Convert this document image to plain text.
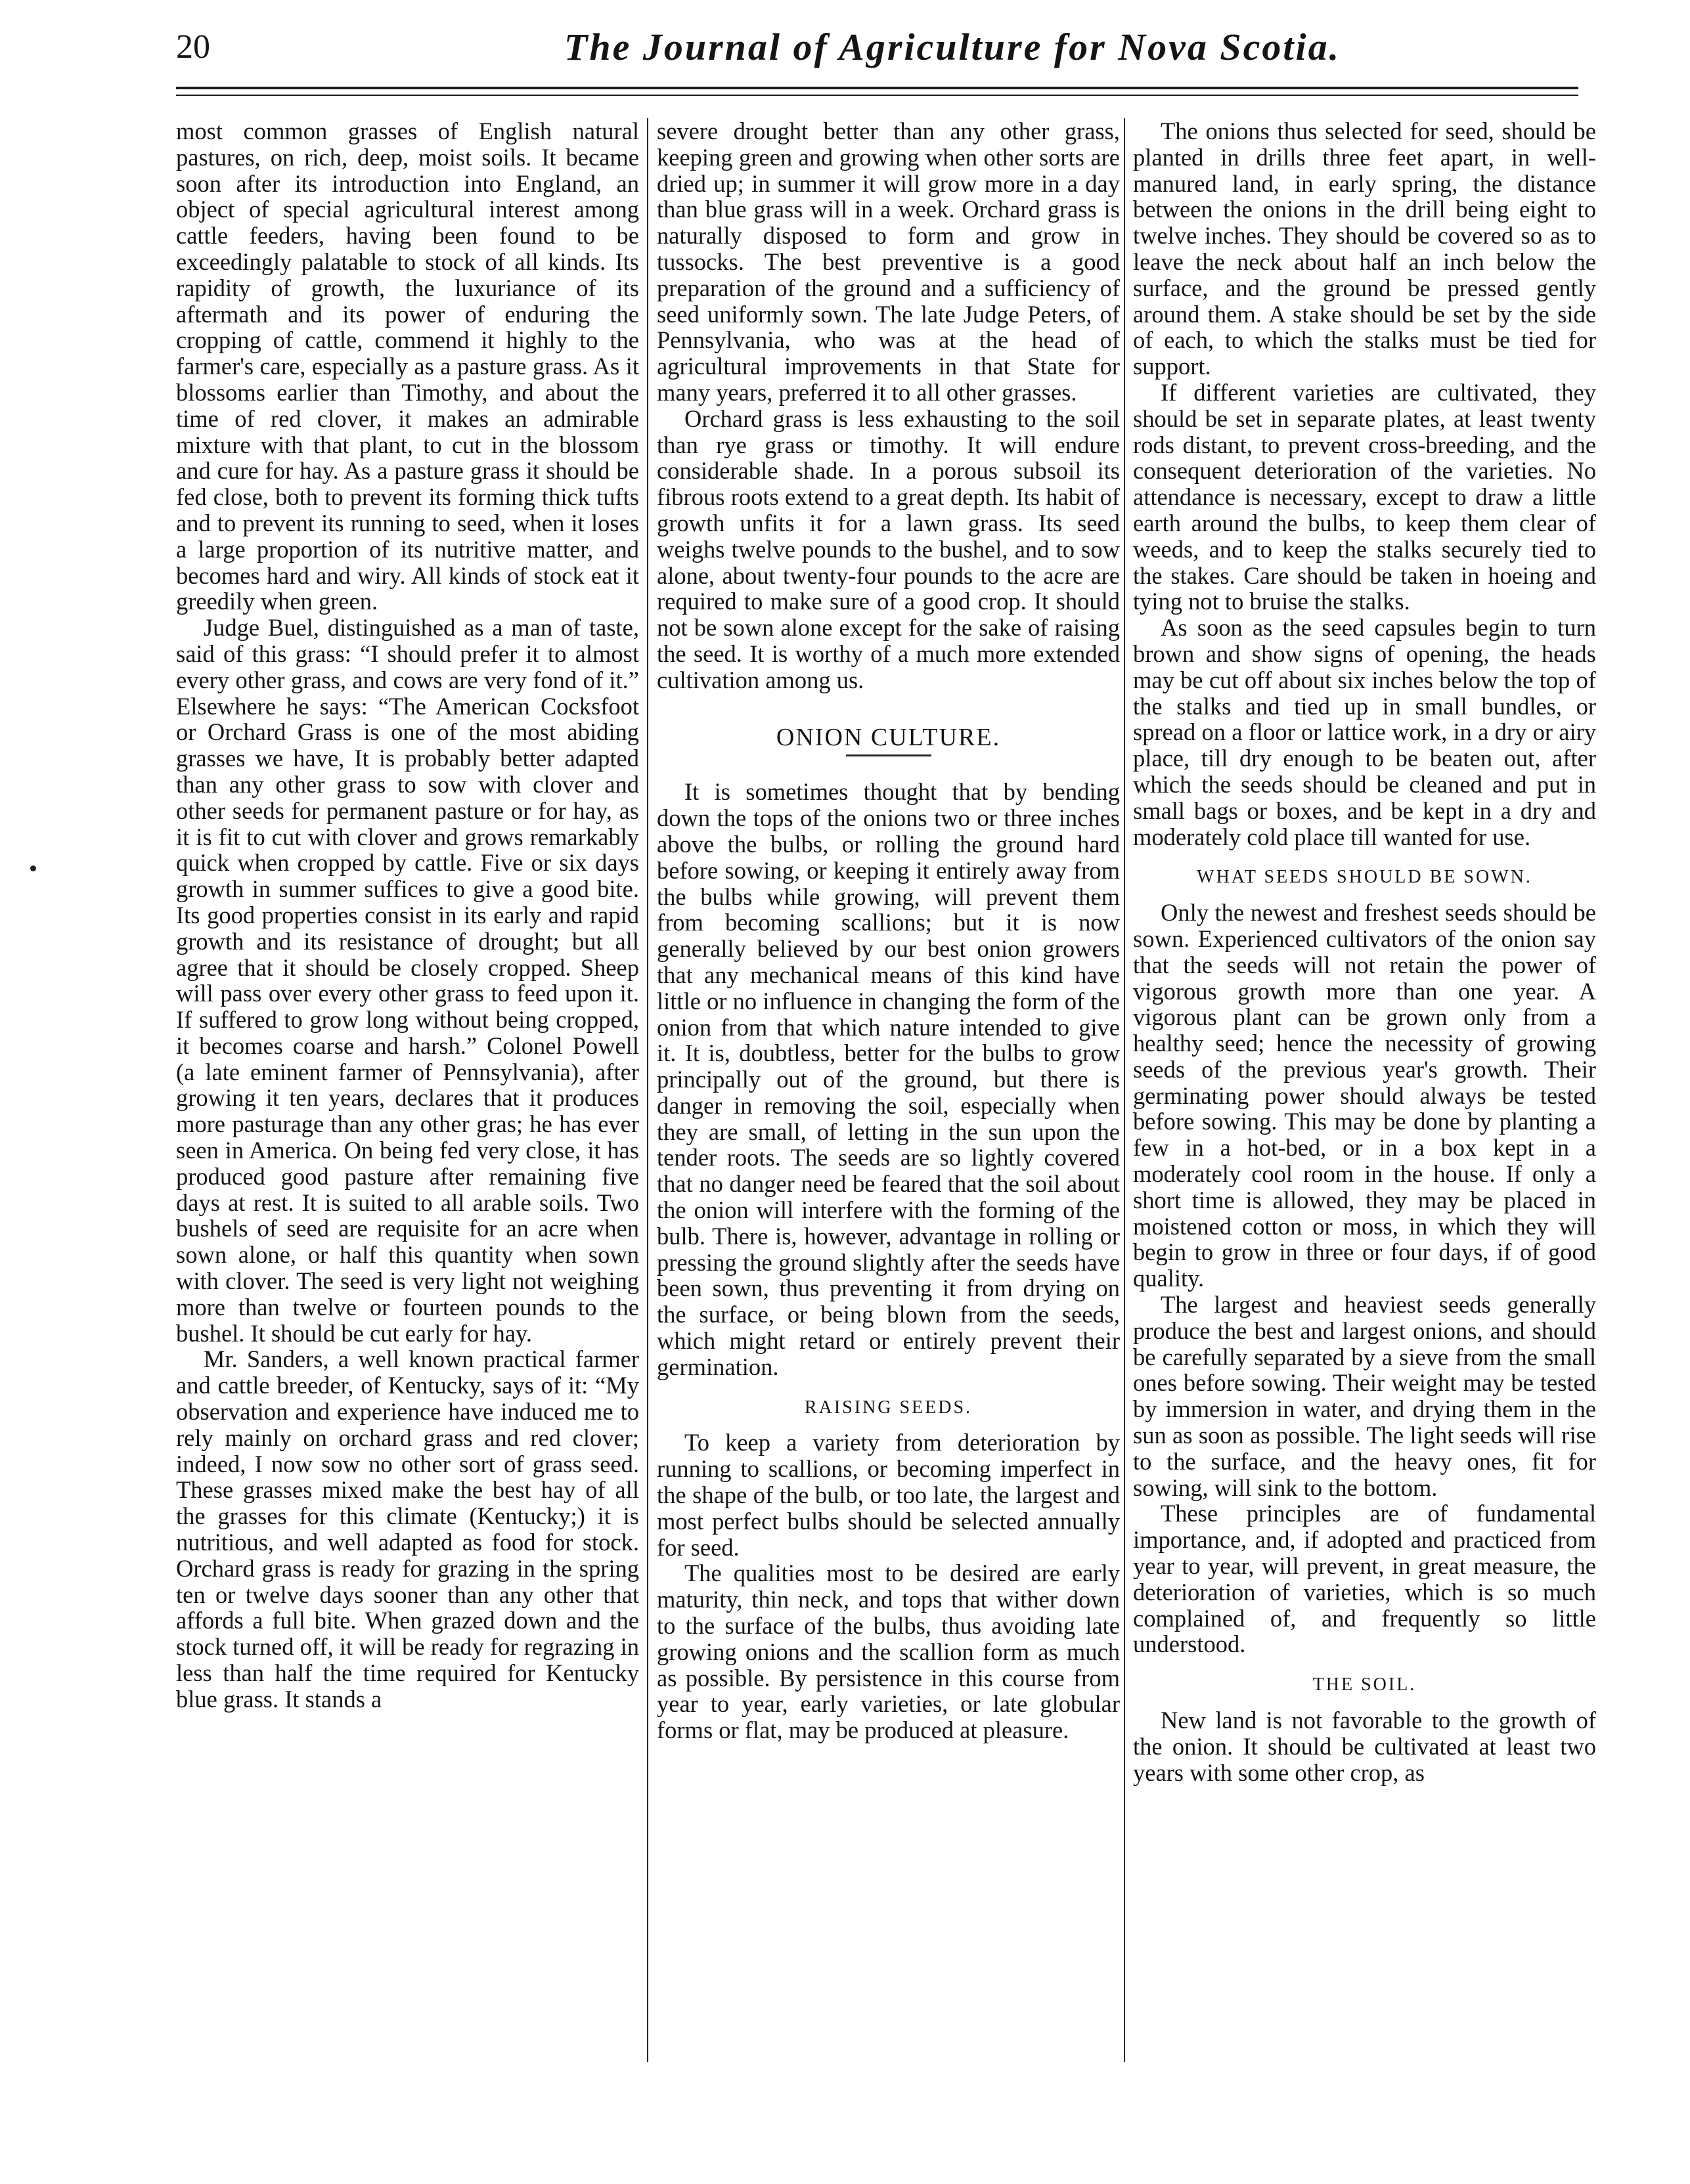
20	The Journal of Agriculture for Nova Scotia.

most common grasses of English natural pastures, on rich, deep, moist soils. It became soon after its introduction into England, an object of special agricultural interest among cattle feeders, having been found to be exceedingly palatable to stock of all kinds. Its rapidity of growth, the luxuriance of its aftermath and its power of enduring the cropping of cattle, commend it highly to the farmer's care, especially as a pasture grass. As it blossoms earlier than Timothy, and about the time of red clover, it makes an admirable mixture with that plant, to cut in the blossom and cure for hay. As a pasture grass it should be fed close, both to prevent its forming thick tufts and to prevent its running to seed, when it loses a large proportion of its nutritive matter, and becomes hard and wiry. All kinds of stock eat it greedily when green.

Judge Buel, distinguished as a man of taste, said of this grass: “I should prefer it to almost every other grass, and cows are very fond of it.” Elsewhere he says: “The American Cocksfoot or Orchard Grass is one of the most abiding grasses we have, It is probably better adapted than any other grass to sow with clover and other seeds for permanent pasture or for hay, as it is fit to cut with clover and grows remarkably quick when cropped by cattle. Five or six days growth in summer suffices to give a good bite. Its good properties consist in its early and rapid growth and its resistance of drought; but all agree that it should be closely cropped. Sheep will pass over every other grass to feed upon it. If suffered to grow long without being cropped, it becomes coarse and harsh.” Colonel Powell (a late eminent farmer of Pennsylvania), after growing it ten years, declares that it produces more pasturage than any other gras; he has ever seen in America. On being fed very close, it has produced good pasture after remaining five days at rest. It is suited to all arable soils. Two bushels of seed are requisite for an acre when sown alone, or half this quantity when sown with clover. The seed is very light not weighing more than twelve or fourteen pounds to the bushel. It should be cut early for hay.

Mr. Sanders, a well known practical farmer and cattle breeder, of Kentucky, says of it: “My observation and experience have induced me to rely mainly on orchard grass and red clover; indeed, I now sow no other sort of grass seed. These grasses mixed make the best hay of all the grasses for this climate (Kentucky;) it is nutritious, and well adapted as food for stock. Orchard grass is ready for grazing in the spring ten or twelve days sooner than any other that affords a full bite. When grazed down and the stock turned off, it will be ready for regrazing in less than half the time required for Kentucky blue grass. It stands a

severe drought better than any other grass, keeping green and growing when other sorts are dried up; in summer it will grow more in a day than blue grass will in a week. Orchard grass is naturally disposed to form and grow in tussocks. The best preventive is a good preparation of the ground and a sufficiency of seed uniformly sown. The late Judge Peters, of Pennsylvania, who was at the head of agricultural improvements in that State for many years, preferred it to all other grasses.

Orchard grass is less exhausting to the soil than rye grass or timothy. It will endure considerable shade. In a porous subsoil its fibrous roots extend to a great depth. Its habit of growth unfits it for a lawn grass. Its seed weighs twelve pounds to the bushel, and to sow alone, about twenty-four pounds to the acre are required to make sure of a good crop. It should not be sown alone except for the sake of raising the seed. It is worthy of a much more extended cultivation among us.

ONION CULTURE.

It is sometimes thought that by bending down the tops of the onions two or three inches above the bulbs, or rolling the ground hard before sowing, or keeping it entirely away from the bulbs while growing, will prevent them from becoming scallions; but it is now generally believed by our best onion growers that any mechanical means of this kind have little or no influence in changing the form of the onion from that which nature intended to give it. It is, doubtless, better for the bulbs to grow principally out of the ground, but there is danger in removing the soil, especially when they are small, of letting in the sun upon the tender roots. The seeds are so lightly covered that no danger need be feared that the soil about the onion will interfere with the forming of the bulb. There is, however, advantage in rolling or pressing the ground slightly after the seeds have been sown, thus preventing it from drying on the surface, or being blown from the seeds, which might retard or entirely prevent their germination.

RAISING SEEDS.

To keep a variety from deterioration by running to scallions, or becoming imperfect in the shape of the bulb, or too late, the largest and most perfect bulbs should be selected annually for seed.

The qualities most to be desired are early maturity, thin neck, and tops that wither down to the surface of the bulbs, thus avoiding late growing onions and the scallion form as much as possible. By persistence in this course from year to year, early varieties, or late globular forms or flat, may be produced at pleasure.

The onions thus selected for seed, should be planted in drills three feet apart, in well-manured land, in early spring, the distance between the onions in the drill being eight to twelve inches. They should be covered so as to leave the neck about half an inch below the surface, and the ground be pressed gently around them. A stake should be set by the side of each, to which the stalks must be tied for support.

If different varieties are cultivated, they should be set in separate plates, at least twenty rods distant, to prevent cross-breeding, and the consequent deterioration of the varieties. No attendance is necessary, except to draw a little earth around the bulbs, to keep them clear of weeds, and to keep the stalks securely tied to the stakes. Care should be taken in hoeing and tying not to bruise the stalks.

As soon as the seed capsules begin to turn brown and show signs of opening, the heads may be cut off about six inches below the top of the stalks and tied up in small bundles, or spread on a floor or lattice work, in a dry or airy place, till dry enough to be beaten out, after which the seeds should be cleaned and put in small bags or boxes, and be kept in a dry and moderately cold place till wanted for use.

WHAT SEEDS SHOULD BE SOWN.

Only the newest and freshest seeds should be sown. Experienced cultivators of the onion say that the seeds will not retain the power of vigorous growth more than one year. A vigorous plant can be grown only from a healthy seed; hence the necessity of growing seeds of the previous year's growth. Their germinating power should always be tested before sowing. This may be done by planting a few in a hot-bed, or in a box kept in a moderately cool room in the house. If only a short time is allowed, they may be placed in moistened cotton or moss, in which they will begin to grow in three or four days, if of good quality.

The largest and heaviest seeds generally produce the best and largest onions, and should be carefully separated by a sieve from the small ones before sowing. Their weight may be tested by immersion in water, and drying them in the sun as soon as possible. The light seeds will rise to the surface, and the heavy ones, fit for sowing, will sink to the bottom.

These principles are of fundamental importance, and, if adopted and practiced from year to year, will prevent, in great measure, the deterioration of varieties, which is so much complained of, and frequently so little understood.

THE SOIL.

New land is not favorable to the growth of the onion. It should be cultivated at least two years with some other crop, as
